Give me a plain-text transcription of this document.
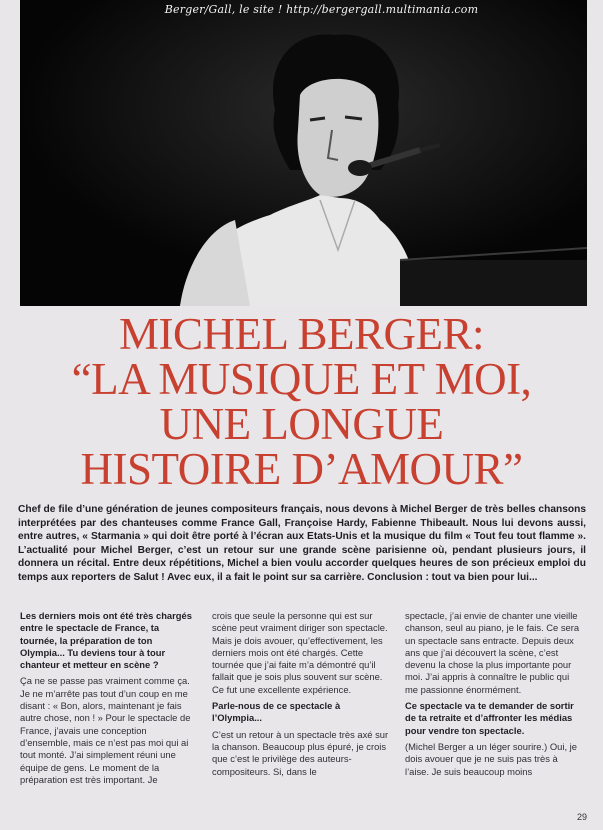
Berger/Gall, le site ! http://bergergall.multimania.com
MICHEL BERGER:
“LA MUSIQUE ET MOI,
UNE LONGUE
HISTOIRE D’AMOUR”
Chef de file d’une génération de jeunes compositeurs français, nous devons à Michel Berger de très belles chansons interprétées par des chanteuses comme France Gall, Françoise Hardy, Fabienne Thibeault. Nous lui devons aussi, entre autres, « Starmania » qui doit être porté à l’écran aux Etats-Unis et la musique du film « Tout feu tout flamme ». L’actualité pour Michel Berger, c’est un retour sur une grande scène parisienne où, pendant plusieurs jours, il donnera un récital. Entre deux répétitions, Michel a bien voulu accorder quelques heures de son précieux emploi du temps aux reporters de Salut ! Avec eux, il a fait le point sur sa carrière. Conclusion : tout va bien pour lui...

Les derniers mois ont été très chargés entre le spectacle de France, ta tournée, la préparation de ton Olympia... Tu deviens tour à tour chanteur et metteur en scène ?

Ça ne se passe pas vraiment comme ça. Je ne m’arrête pas tout d’un coup en me disant : « Bon, alors, maintenant je fais autre chose, non ! » Pour le spectacle de France, j’avais une conception d’ensemble, mais ce n’est pas moi qui ai tout monté. J’ai simplement réuni une équipe de gens. Le moment de la préparation est très important. Je

crois que seule la personne qui est sur scène peut vraiment diriger son spectacle. Mais je dois avouer, qu’effectivement, les derniers mois ont été chargés. Cette tournée que j’ai faite m’a démontré qu’il fallait que je sois plus souvent sur scène. Ce fut une excellente expérience.

Parle-nous de ce spectacle à l’Olympia...

C’est un retour à un spectacle très axé sur la chanson. Beaucoup plus épuré, je crois que c’est le privilège des auteurs-compositeurs. Si, dans le

spectacle, j’ai envie de chanter une vieille chanson, seul au piano, je le fais. Ce sera un spectacle sans entracte. Depuis deux ans que j’ai découvert la scène, c’est devenu la chose la plus importante pour moi. J’ai appris à connaître le public qui me passionne énormément.

Ce spectacle va te demander de sortir de ta retraite et d’affronter les médias pour vendre ton spectacle.

(Michel Berger a un léger sourire.) Oui, je dois avouer que je ne suis pas très à l’aise. Je suis beaucoup moins

29
